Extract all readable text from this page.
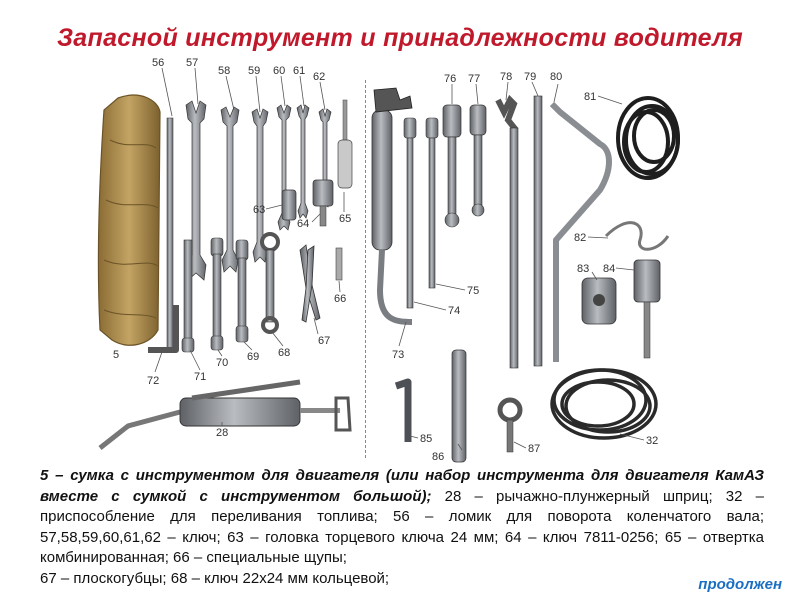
Запасной инструмент и принадлежности водителя
56 57
58 59 60 61 62
63
64	65
66
67
68
69
70
71
72
5
28
73
74
75
76 77 78 79 80
81
82
83 84
85
86
87
32
5 – сумка с инструментом для двигателя (или набор инструмента для двигателя КамАЗ вместе с сумкой с инструментом большой); 28 – рычажно-плунжерный шприц; 32 – приспособление для переливания топлива; 56 – ломик для поворота коленчатого вала; 57,58,59,60,61,62 – ключ; 63 – головка торцевого ключа 24 мм; 64 – ключ 7811-0256; 65 – отвертка комбинированная; 66 – специальные щупы;
67 – плоскогубцы; 68 – ключ 22х24 мм кольцевой;	продолжен
